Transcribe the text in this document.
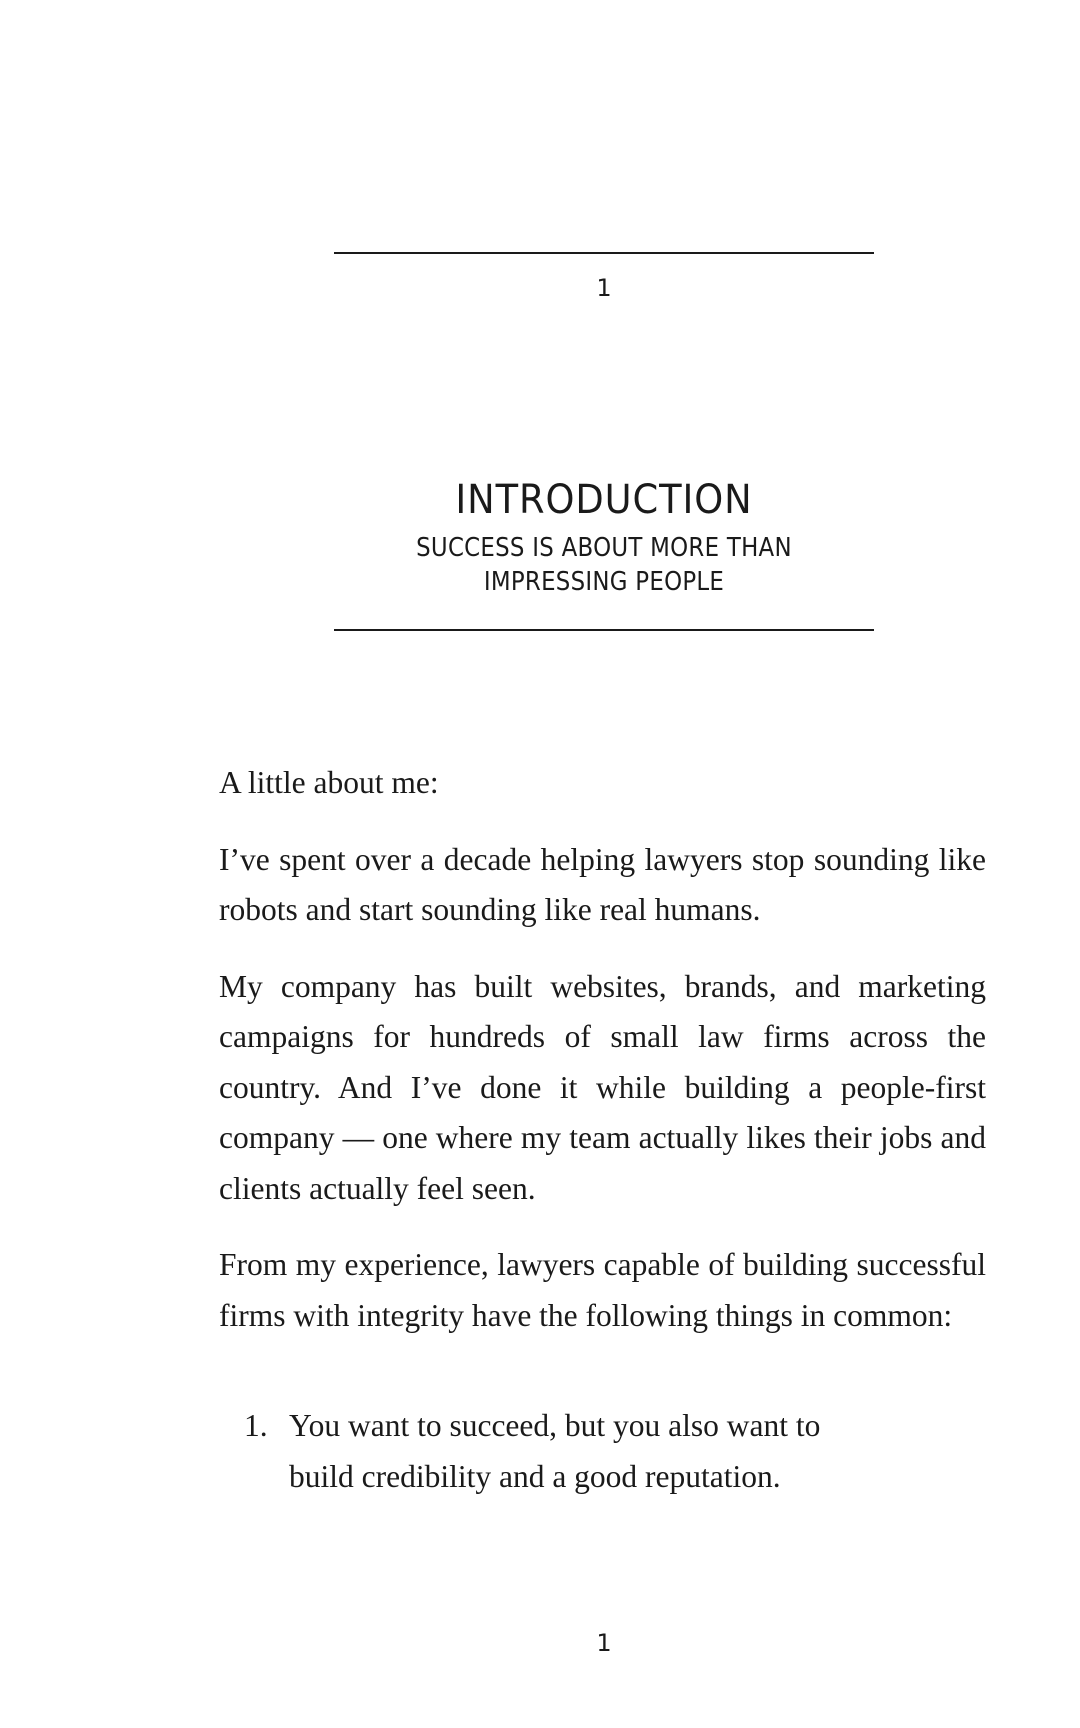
1
INTRODUCTION
SUCCESS IS ABOUT MORE THAN IMPRESSING PEOPLE

A little about me:

I’ve spent over a decade helping lawyers stop sounding like robots and start sounding like real humans.

My company has built websites, brands, and marketing campaigns for hundreds of small law firms across the country. And I’ve done it while building a people-first company — one where my team actually likes their jobs and clients actually feel seen.

From my experience, lawyers capable of building successful firms with integrity have the following things in common:

1. You want to succeed, but you also want to build credibility and a good reputation.
1
